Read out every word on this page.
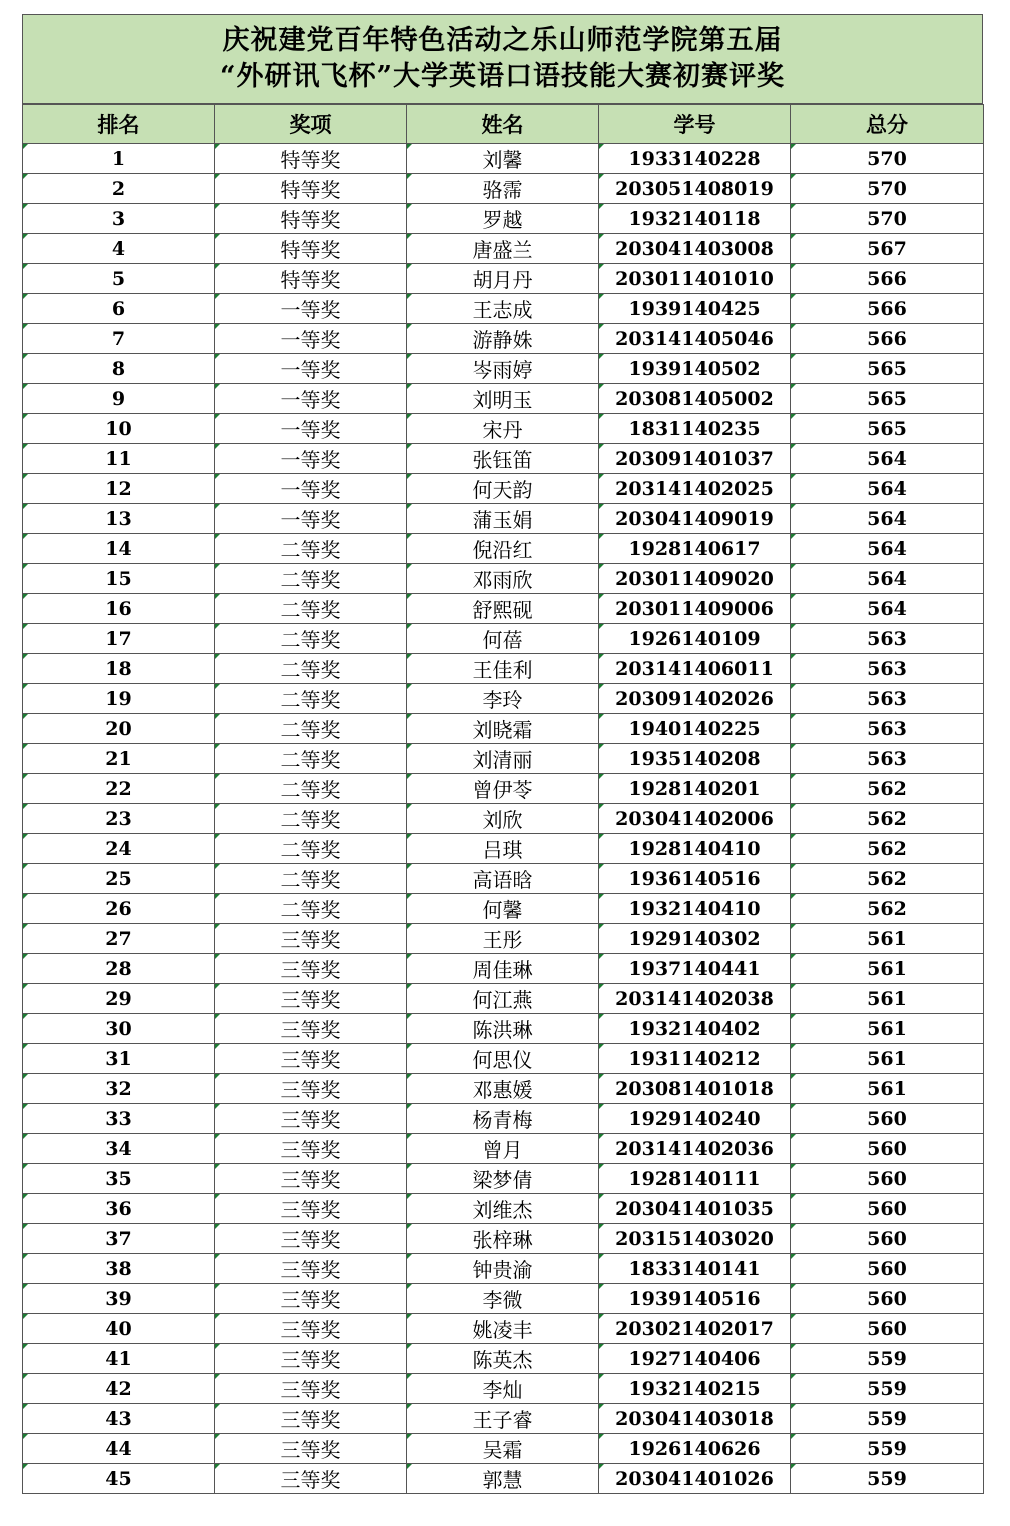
庆祝建党百年特色活动之乐山师范学院第五届
“外研讯飞杯”大学英语口语技能大赛初赛评奖
排名	奖项	姓名	学号	总分
1	特等奖	刘馨	1933140228	570
2	特等奖	骆霈	203051408019	570
3	特等奖	罗越	1932140118	570
4	特等奖	唐盛兰	203041403008	567
5	特等奖	胡月丹	203011401010	566
6	一等奖	王志成	1939140425	566
7	一等奖	游静姝	203141405046	566
8	一等奖	岑雨婷	1939140502	565
9	一等奖	刘明玉	203081405002	565
10	一等奖	宋丹	1831140235	565
11	一等奖	张钰笛	203091401037	564
12	一等奖	何天韵	203141402025	564
13	一等奖	蒲玉娟	203041409019	564
14	二等奖	倪沿红	1928140617	564
15	二等奖	邓雨欣	203011409020	564
16	二等奖	舒熙砚	203011409006	564
17	二等奖	何蓓	1926140109	563
18	二等奖	王佳利	203141406011	563
19	二等奖	李玲	203091402026	563
20	二等奖	刘晓霜	1940140225	563
21	二等奖	刘清丽	1935140208	563
22	二等奖	曾伊苓	1928140201	562
23	二等奖	刘欣	203041402006	562
24	二等奖	吕琪	1928140410	562
25	二等奖	高语晗	1936140516	562
26	二等奖	何馨	1932140410	562
27	三等奖	王彤	1929140302	561
28	三等奖	周佳琳	1937140441	561
29	三等奖	何江燕	203141402038	561
30	三等奖	陈洪琳	1932140402	561
31	三等奖	何思仪	1931140212	561
32	三等奖	邓惠媛	203081401018	561
33	三等奖	杨青梅	1929140240	560
34	三等奖	曾月	203141402036	560
35	三等奖	梁梦倩	1928140111	560
36	三等奖	刘维杰	203041401035	560
37	三等奖	张梓琳	203151403020	560
38	三等奖	钟贵渝	1833140141	560
39	三等奖	李微	1939140516	560
40	三等奖	姚凌丰	203021402017	560
41	三等奖	陈英杰	1927140406	559
42	三等奖	李灿	1932140215	559
43	三等奖	王子睿	203041403018	559
44	三等奖	吴霜	1926140626	559
45	三等奖	郭慧	203041401026	559
